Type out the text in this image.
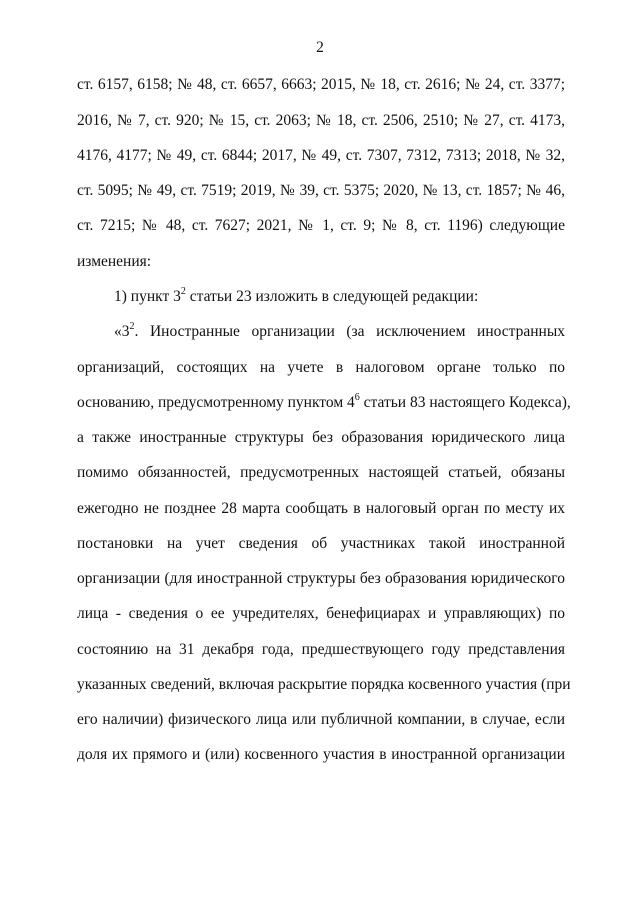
2
ст. 6157, 6158; № 48, ст. 6657, 6663; 2015, № 18, ст. 2616; № 24, ст. 3377;
2016, № 7, ст. 920; № 15, ст. 2063; № 18, ст. 2506, 2510; № 27, ст. 4173,
4176, 4177; № 49, ст. 6844; 2017, № 49, ст. 7307, 7312, 7313; 2018, № 32,
ст. 5095; № 49, ст. 7519; 2019, № 39, ст. 5375; 2020, № 13, ст. 1857; № 46,
ст. 7215; № 48, ст. 7627; 2021, № 1, ст. 9; № 8, ст. 1196) следующие
изменения:
1) пункт $3^2$ статьи 23 изложить в следующей редакции:
«$3^2$. Иностранные организации (за исключением иностранных
организаций, состоящих на учете в налоговом органе только по
основанию, предусмотренному пунктом $4^6$ статьи 83 настоящего Кодекса),
а также иностранные структуры без образования юридического лица
помимо обязанностей, предусмотренных настоящей статьей, обязаны
ежегодно не позднее 28 марта сообщать в налоговый орган по месту их
постановки на учет сведения об участниках такой иностранной
организации (для иностранной структуры без образования юридического
лица - сведения о ее учредителях, бенефициарах и управляющих) по
состоянию на 31 декабря года, предшествующего году представления
указанных сведений, включая раскрытие порядка косвенного участия (при
его наличии) физического лица или публичной компании, в случае, если
доля их прямого и (или) косвенного участия в иностранной организации
